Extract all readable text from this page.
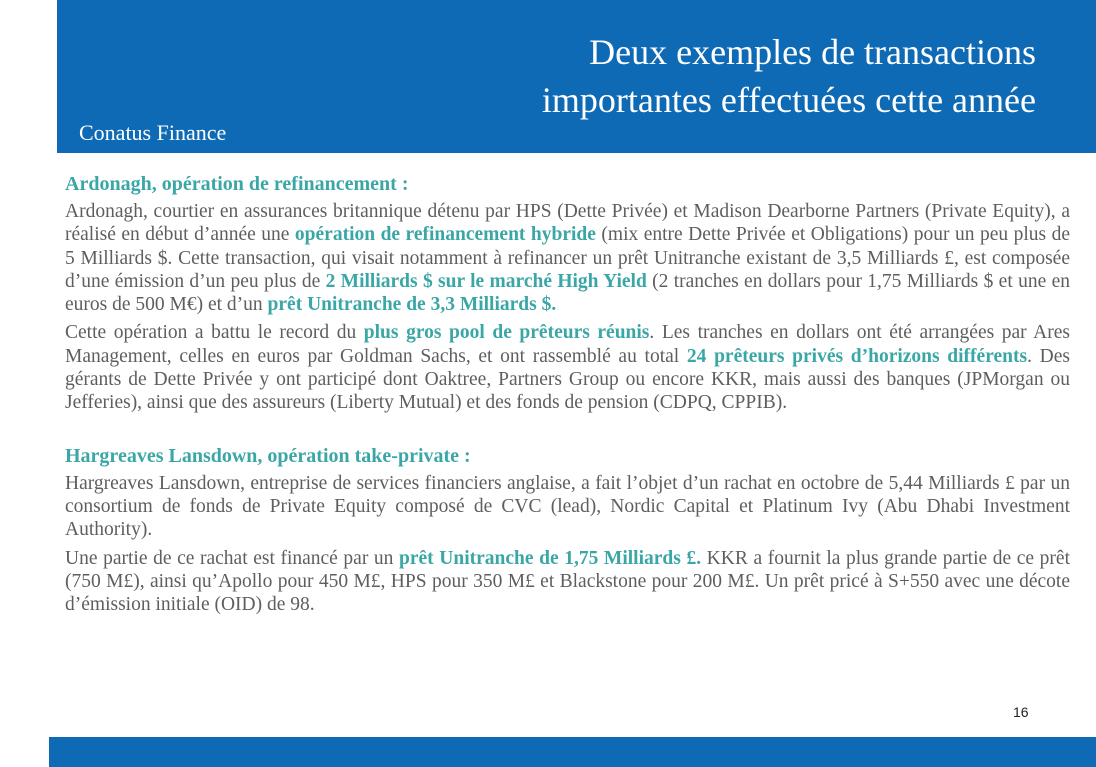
Deux exemples de transactions
importantes effectuées cette année
Conatus Finance
Ardonagh, opération de refinancement :

Ardonagh, courtier en assurances britannique détenu par HPS (Dette Privée) et Madison Dearborne Partners (Private Equity), a réalisé en début d’année une opération de refinancement hybride (mix entre Dette Privée et Obligations) pour un peu plus de 5 Milliards $. Cette transaction, qui visait notamment à refinancer un prêt Unitranche existant de 3,5 Milliards £, est composée d’une émission d’un peu plus de 2 Milliards $ sur le marché High Yield (2 tranches en dollars pour 1,75 Milliards $ et une en euros de 500 M€) et d’un prêt Unitranche de 3,3 Milliards $.

Cette opération a battu le record du plus gros pool de prêteurs réunis. Les tranches en dollars ont été arrangées par Ares Management, celles en euros par Goldman Sachs, et ont rassemblé au total 24 prêteurs privés d’horizons différents. Des gérants de Dette Privée y ont participé dont Oaktree, Partners Group ou encore KKR, mais aussi des banques (JPMorgan ou Jefferies), ainsi que des assureurs (Liberty Mutual) et des fonds de pension (CDPQ, CPPIB).

Hargreaves Lansdown, opération take-private :

Hargreaves Lansdown, entreprise de services financiers anglaise, a fait l’objet d’un rachat en octobre de 5,44 Milliards £ par un consortium de fonds de Private Equity composé de CVC (lead), Nordic Capital et Platinum Ivy (Abu Dhabi Investment Authority).

Une partie de ce rachat est financé par un prêt Unitranche de 1,75 Milliards £. KKR a fournit la plus grande partie de ce prêt (750 M£), ainsi qu’Apollo pour 450 M£, HPS pour 350 M£ et Blackstone pour 200 M£. Un prêt pricé à S+550 avec une décote d’émission initiale (OID) de 98.

16
